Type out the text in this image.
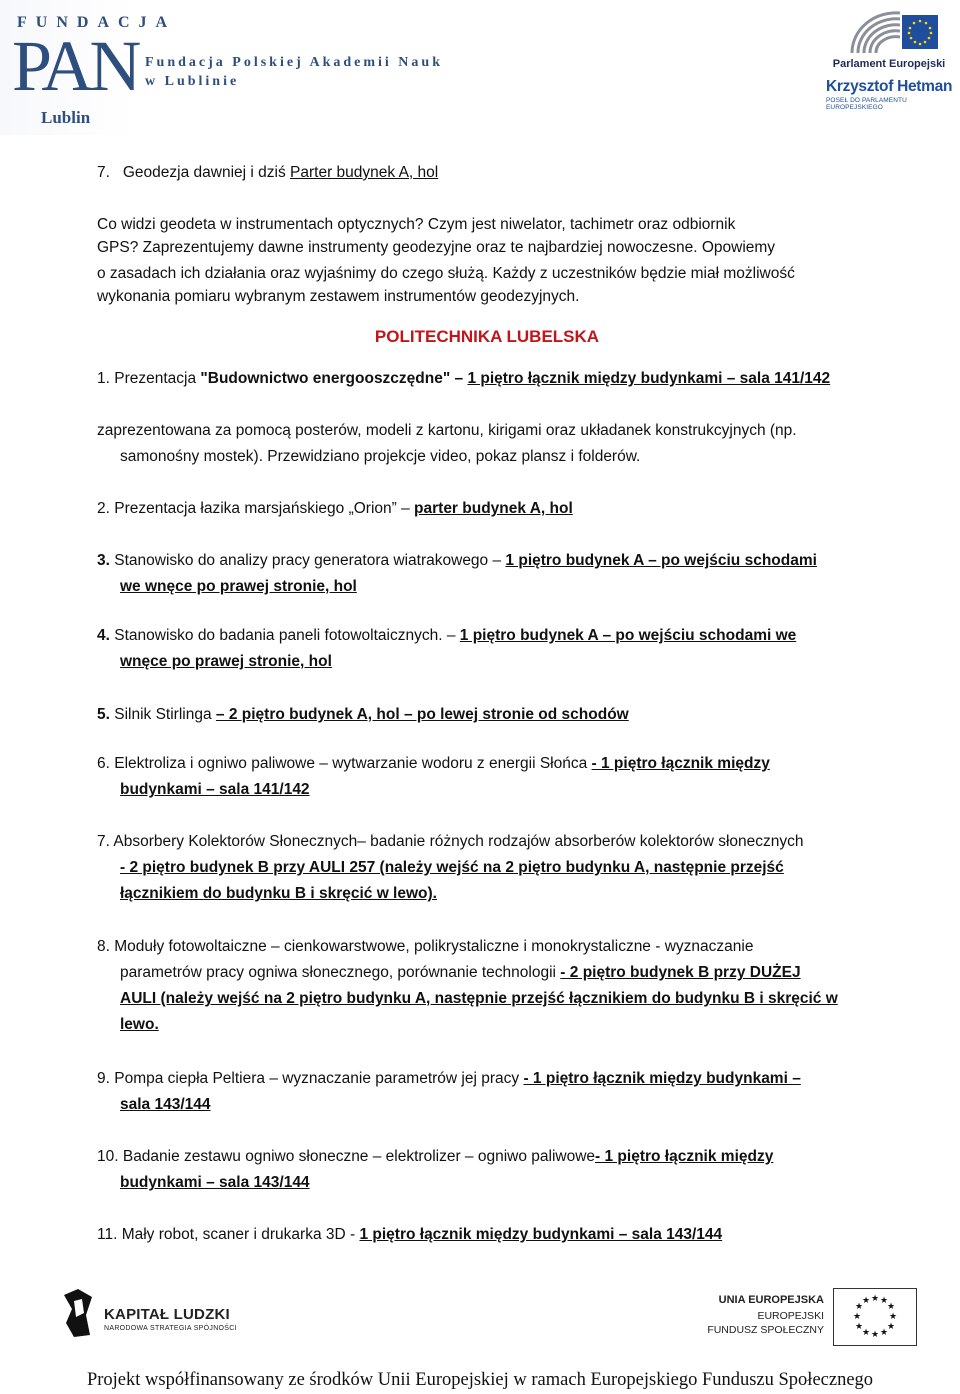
FUNDACJA
PAN
Lublin
Fundacja Polskiej Akademii Nauk
w Lublinie
Parlament Europejski
Krzysztof Hetman
POSEŁ DO PARLAMENTU EUROPEJSKIEGO
7. Geodezja dawniej i dziś Parter budynek A, hol
Co widzi geodeta w instrumentach optycznych? Czym jest niwelator, tachimetr oraz odbiornik
GPS? Zaprezentujemy dawne instrumenty geodezyjne oraz te najbardziej nowoczesne. Opowiemy
o zasadach ich działania oraz wyjaśnimy do czego służą. Każdy z uczestników będzie miał możliwość
wykonania pomiaru wybranym zestawem instrumentów geodezyjnych.
POLITECHNIKA LUBELSKA
1. Prezentacja "Budownictwo energooszczędne" – 1 piętro łącznik między budynkami – sala 141/142
zaprezentowana za pomocą posterów, modeli z kartonu, kirigami oraz układanek konstrukcyjnych (np.
samonośny mostek). Przewidziano projekcje video, pokaz plansz i folderów.
2. Prezentacja łazika marsjańskiego „Orion” – parter budynek A, hol
3. Stanowisko do analizy pracy generatora wiatrakowego – 1 piętro budynek A – po wejściu schodami
we wnęce po prawej stronie, hol
4. Stanowisko do badania paneli fotowoltaicznych. – 1 piętro budynek A – po wejściu schodami we
wnęce po prawej stronie, hol
5. Silnik Stirlinga – 2 piętro budynek A, hol – po lewej stronie od schodów
6. Elektroliza i ogniwo paliwowe – wytwarzanie wodoru z energii Słońca - 1 piętro łącznik między
budynkami – sala 141/142
7. Absorbery Kolektorów Słonecznych– badanie różnych rodzajów absorberów kolektorów słonecznych
- 2 piętro budynek B przy AULI 257 (należy wejść na 2 piętro budynku A, następnie przejść
łącznikiem do budynku B i skręcić w lewo).
8. Moduły fotowoltaiczne – cienkowarstwowe, polikrystaliczne i monokrystaliczne - wyznaczanie
parametrów pracy ogniwa słonecznego, porównanie technologii - 2 piętro budynek B przy DUŻEJ
AULI (należy wejść na 2 piętro budynku A, następnie przejść łącznikiem do budynku B i skręcić w
lewo.
9. Pompa ciepła Peltiera – wyznaczanie parametrów jej pracy - 1 piętro łącznik między budynkami –
sala 143/144
10. Badanie zestawu ogniwo słoneczne – elektrolizer – ogniwo paliwowe- 1 piętro łącznik między
budynkami – sala 143/144
11. Mały robot, scaner i drukarka 3D - 1 piętro łącznik między budynkami – sala 143/144
KAPITAŁ LUDZKI
NARODOWA STRATEGIA SPÓJNOŚCI
UNIA EUROPEJSKA
EUROPEJSKI
FUNDUSZ SPOŁECZNY
★ ★
★
★
★
★
★
★
★
★
★
★
Projekt współfinansowany ze środków Unii Europejskiej w ramach Europejskiego Funduszu Społecznego
